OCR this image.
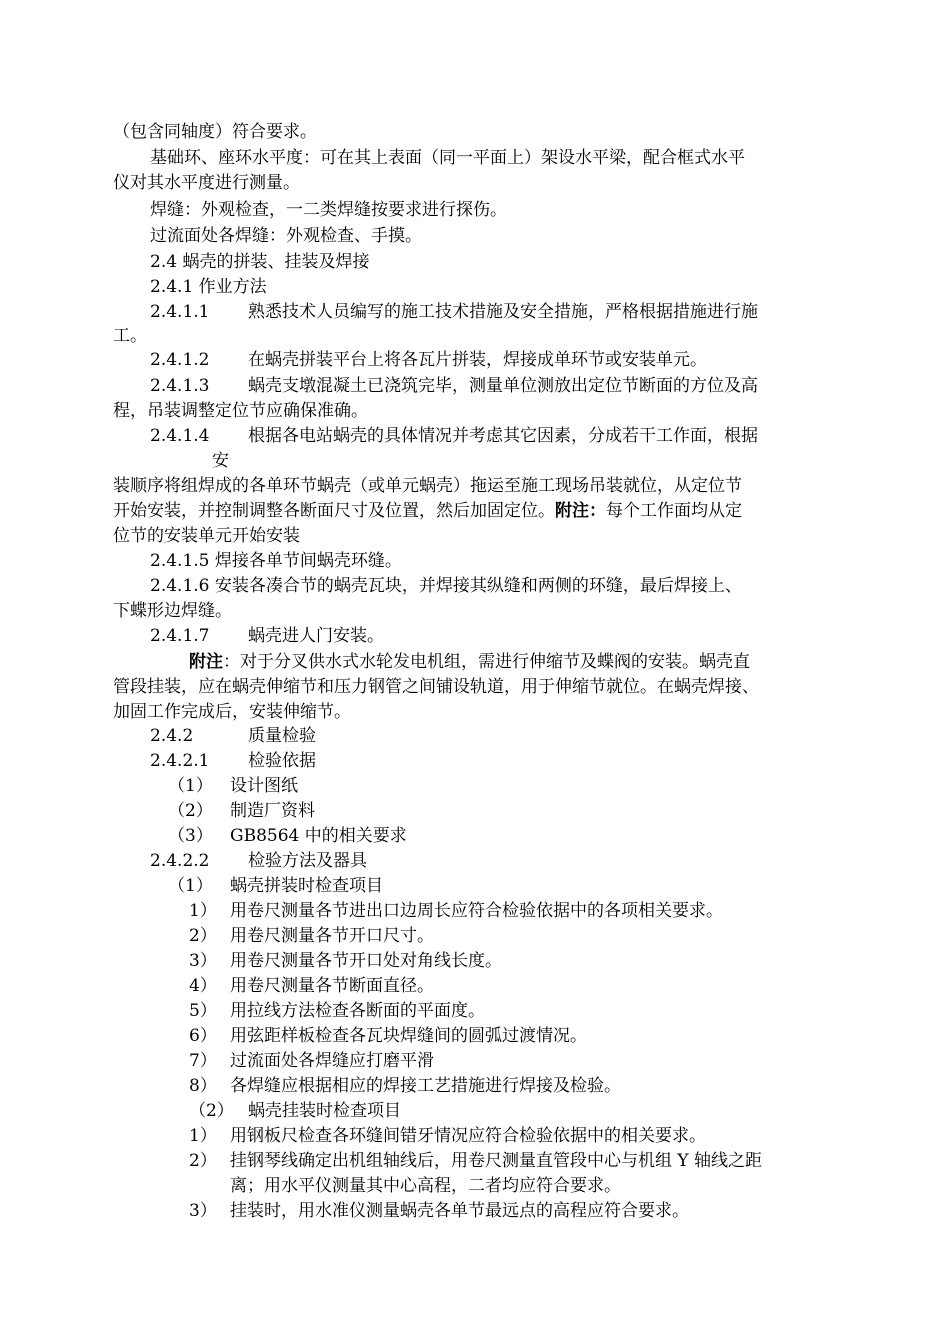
（包含同轴度）符合要求。
基础环、座环水平度：可在其上表面（同一平面上）架设水平梁，配合框式水平
仪对其水平度进行测量。
焊缝：外观检查，一二类焊缝按要求进行探伤。
过流面处各焊缝：外观检查、手摸。
2.4 蜗壳的拼装、挂装及焊接
2.4.1 作业方法
2.4.1.1 熟悉技术人员编写的施工技术措施及安全措施，严格根据措施进行施
工。
2.4.1.2 在蜗壳拼装平台上将各瓦片拼装，焊接成单环节或安装单元。
2.4.1.3 蜗壳支墩混凝土已浇筑完毕，测量单位测放出定位节断面的方位及高
程，吊装调整定位节应确保准确。
2.4.1.4 根据各电站蜗壳的具体情况并考虑其它因素，分成若干工作面，根据
安
装顺序将组焊成的各单环节蜗壳（或单元蜗壳）拖运至施工现场吊装就位，从定位节
开始安装，并控制调整各断面尺寸及位置，然后加固定位。附注：每个工作面均从定
位节的安装单元开始安装
2.4.1.5 焊接各单节间蜗壳环缝。
2.4.1.6 安装各凑合节的蜗壳瓦块，并焊接其纵缝和两侧的环缝，最后焊接上、
下蝶形边焊缝。
2.4.1.7 蜗壳进人门安装。
附注：对于分叉供水式水轮发电机组，需进行伸缩节及蝶阀的安装。蜗壳直
管段挂装，应在蜗壳伸缩节和压力钢管之间铺设轨道，用于伸缩节就位。在蜗壳焊接、
加固工作完成后，安装伸缩节。
2.4.2	质量检验
2.4.2.1 检验依据
（1） 设计图纸
（2） 制造厂资料
（3） GB8564 中的相关要求
2.4.2.2 检验方法及器具
（1） 蜗壳拼装时检查项目
1） 用卷尺测量各节进出口边周长应符合检验依据中的各项相关要求。
2） 用卷尺测量各节开口尺寸。
3） 用卷尺测量各节开口处对角线长度。
4） 用卷尺测量各节断面直径。
5） 用拉线方法检查各断面的平面度。
6） 用弦距样板检查各瓦块焊缝间的圆弧过渡情况。
7） 过流面处各焊缝应打磨平滑
8） 各焊缝应根据相应的焊接工艺措施进行焊接及检验。
（2） 蜗壳挂装时检查项目
1） 用钢板尺检查各环缝间错牙情况应符合检验依据中的相关要求。
2） 挂钢琴线确定出机组轴线后，用卷尺测量直管段中心与机组 Y 轴线之距
离；用水平仪测量其中心高程，二者均应符合要求。
3） 挂装时，用水准仪测量蜗壳各单节最远点的高程应符合要求。
